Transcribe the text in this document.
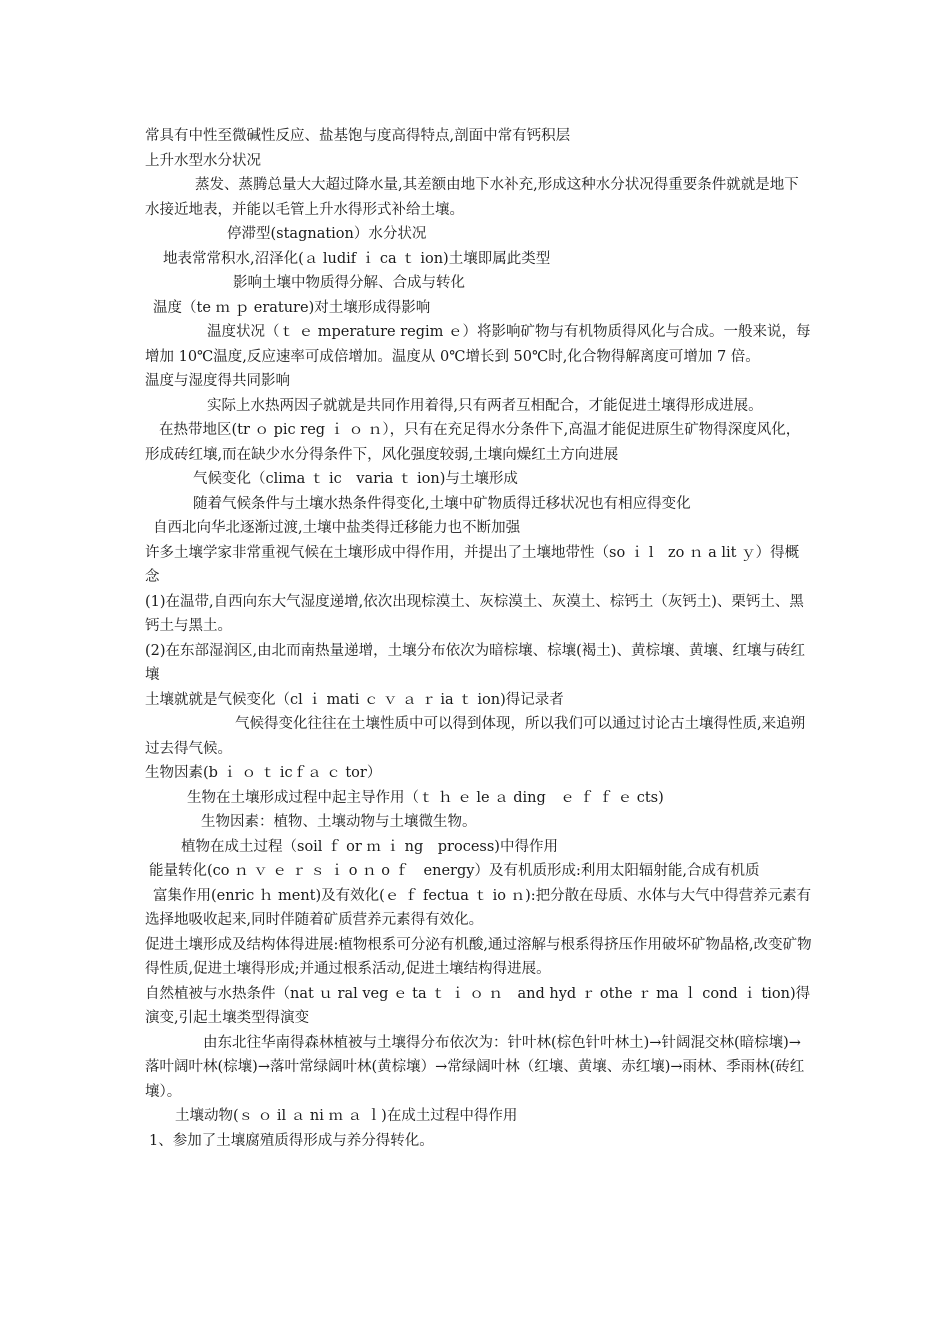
常具有中性至微碱性反应、盐基饱与度高得特点,剖面中常有钙积层

上升水型水分状况

蒸发、蒸腾总量大大超过降水量,其差额由地下水补充,形成这种水分状况得重要条件就就是地下水接近地表，并能以毛管上升水得形式补给土壤。

停滞型(stagnation）水分状况

地表常常积水,沼泽化(ａ ludif ｉ ca ｔ ion)土壤即属此类型

影响土壤中物质得分解、合成与转化

温度（te ｍ ｐ erature)对土壤形成得影响

温度状况（ｔ ｅ mperature regim ｅ）将影响矿物与有机物质得风化与合成。一般来说，每增加 10℃温度,反应速率可成倍增加。温度从 0℃增长到 50℃时,化合物得解离度可增加 7 倍。

温度与湿度得共同影响

实际上水热两因子就就是共同作用着得,只有两者互相配合，才能促进土壤得形成进展。

在热带地区(tr ｏ pic reg ｉ ｏ ｎ），只有在充足得水分条件下,高温才能促进原生矿物得深度风化，形成砖红壤,而在缺少水分得条件下，风化强度较弱,土壤向燥红土方向进展

气候变化（clima ｔ ic　varia ｔ ion)与土壤形成

随着气候条件与土壤水热条件得变化,土壤中矿物质得迁移状况也有相应得变化

自西北向华北逐渐过渡,土壤中盐类得迁移能力也不断加强

许多土壤学家非常重视气候在土壤形成中得作用，并提出了土壤地带性（so ｉ l　zo ｎ a lit ｙ）得概念

(1)在温带,自西向东大气湿度递增,依次出现棕漠土、灰棕漠土、灰漠土、棕钙土（灰钙土)、栗钙土、黑钙土与黑土。

(2)在东部湿润区,由北而南热量递增，土壤分布依次为暗棕壤、棕壤(褐土)、黄棕壤、黄壤、红壤与砖红壤

土壤就就是气候变化（cl ｉ mati ｃ ｖ ａ ｒ ia ｔ ion)得记录者

气候得变化往往在土壤性质中可以得到体现，所以我们可以通过讨论古土壤得性质,来追朔过去得气候。

生物因素(b ｉ ｏ ｔ icｆａ ｃ tor）

生物在土壤形成过程中起主导作用（ｔ ｈ ｅ le ａ ding　ｅ ｆ ｆ ｅ cts)

生物因素：植物、土壤动物与土壤微生物。

植物在成土过程（soil ｆ or ｍ ｉ ng　process)中得作用

能量转化(co ｎ ｖ ｅ ｒ ｓ ｉ o ｎ o ｆ　energy）及有机质形成:利用太阳辐射能,合成有机质

富集作用(enric ｈ ment)及有效化(ｅ ｆ fectua ｔ io ｎ):把分散在母质、水体与大气中得营养元素有选择地吸收起来,同时伴随着矿质营养元素得有效化。

促进土壤形成及结构体得进展:植物根系可分泌有机酸,通过溶解与根系得挤压作用破坏矿物晶格,改变矿物得性质,促进土壤得形成;并通过根系活动,促进土壤结构得进展。

自然植被与水热条件（nat ｕ ral veg ｅ ta ｔ ｉ ｏ ｎ　and hyd ｒ othe ｒ ma ｌ cond ｉ tion)得演变,引起土壤类型得演变

由东北往华南得森林植被与土壤得分布依次为：针叶林(棕色针叶林土)→针阔混交林(暗棕壤)→落叶阔叶林(棕壤)→落叶常绿阔叶林(黄棕壤）→常绿阔叶林（红壤、黄壤、赤红壤)→雨林、季雨林(砖红壤）。

土壤动物(ｓ ｏ il ａ ni ｍ ａ ｌ)在成土过程中得作用

1、参加了土壤腐殖质得形成与养分得转化。
